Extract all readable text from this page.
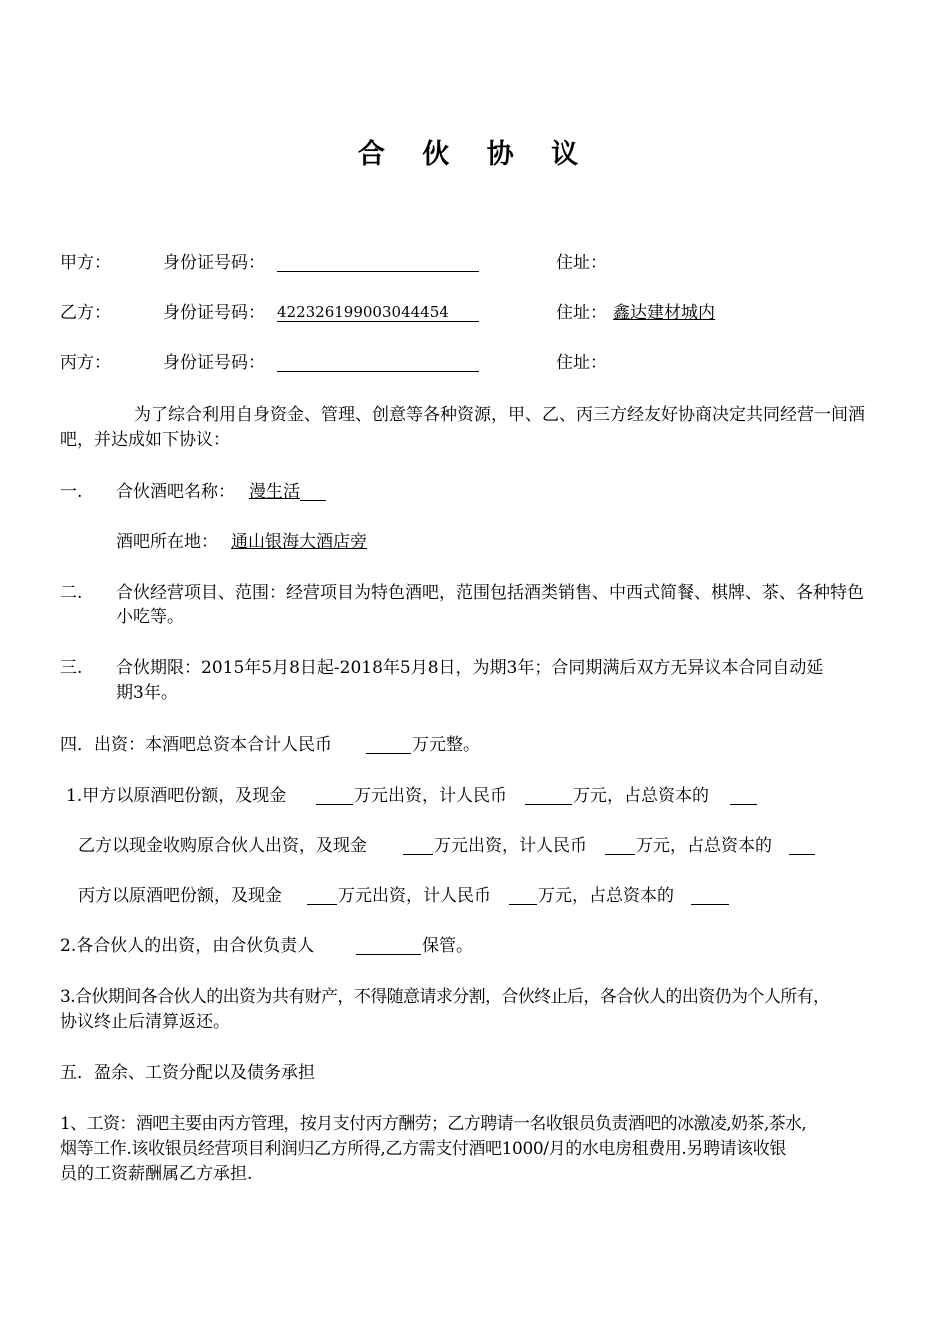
合 伙 协 议
甲方：	身份证号码：	住址：
乙方：	身份证号码： 422326199003044454	住址： 鑫达建材城内
丙方：	身份证号码：	住址：
为了综合利用自身资金、管理、创意等各种资源，甲、乙、丙三方经友好协商决定共同经营一间酒
吧，并达成如下协议：
一. 合伙酒吧名称： 漫生活
酒吧所在地： 通山银海大酒店旁
二. 合伙经营项目、范围：经营项目为特色酒吧，范围包括酒类销售、中西式简餐、棋牌、茶、各种特色
小吃等。
三. 合伙期限：2015年5月8日起-2018年5月8日，为期3年；合同期满后双方无异议本合同自动延
期3年。
四．出资：本酒吧总资本合计人民币	万元整。
1.甲方以原酒吧份额，及现金	万元出资，计人民币	万元，占总资本的
乙方以现金收购原合伙人出资，及现金	万元出资，计人民币	万元，占总资本的
丙方以原酒吧份额，及现金	万元出资，计人民币	万元，占总资本的
2.各合伙人的出资，由合伙负责人	保管。
3.合伙期间各合伙人的出资为共有财产，不得随意请求分割，合伙终止后，各合伙人的出资仍为个人所有，
协议终止后清算返还。
五．盈余、工资分配以及债务承担
1、工资：酒吧主要由丙方管理，按月支付丙方酬劳；乙方聘请一名收银员负责酒吧的冰激凌,奶茶,茶水,
烟等工作.该收银员经营项目利润归乙方所得,乙方需支付酒吧1000/月的水电房租费用.另聘请该收银
员的工资薪酬属乙方承担.
